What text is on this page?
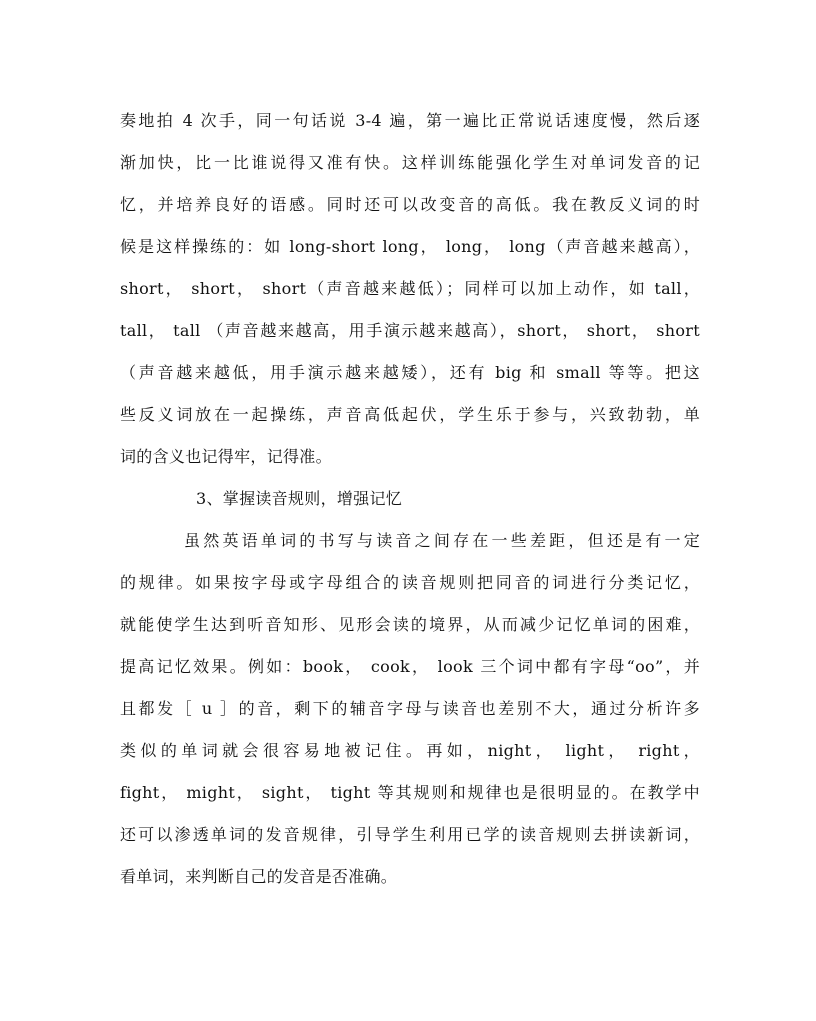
奏地拍 4 次手，同一句话说 3-4 遍，第一遍比正常说话速度慢，然后逐
渐加快，比一比谁说得又准有快。这样训练能强化学生对单词发音的记
忆，并培养良好的语感。同时还可以改变音的高低。我在教反义词的时
候是这样操练的：如 long-short long， long， long（声音越来越高），
short， short， short（声音越来越低）；同样可以加上动作，如 tall，
tall， tall （声音越来越高，用手演示越来越高），short， short， short
（声音越来越低，用手演示越来越矮），还有 big 和 small 等等。把这
些反义词放在一起操练，声音高低起伏，学生乐于参与，兴致勃勃，单
词的含义也记得牢，记得准。
3、掌握读音规则，增强记忆
虽然英语单词的书写与读音之间存在一些差距，但还是有一定
的规律。如果按字母或字母组合的读音规则把同音的词进行分类记忆，
就能使学生达到听音知形、见形会读的境界，从而减少记忆单词的困难，
提高记忆效果。例如：book， cook， look 三个词中都有字母“oo”，并
且都发［ u ］的音，剩下的辅音字母与读音也差别不大，通过分析许多
类似的单词就会很容易地被记住。再如，night， light， right，
fight， might， sight， tight 等其规则和规律也是很明显的。在教学中
还可以渗透单词的发音规律，引导学生利用已学的读音规则去拼读新词，
看单词，来判断自己的发音是否准确。
